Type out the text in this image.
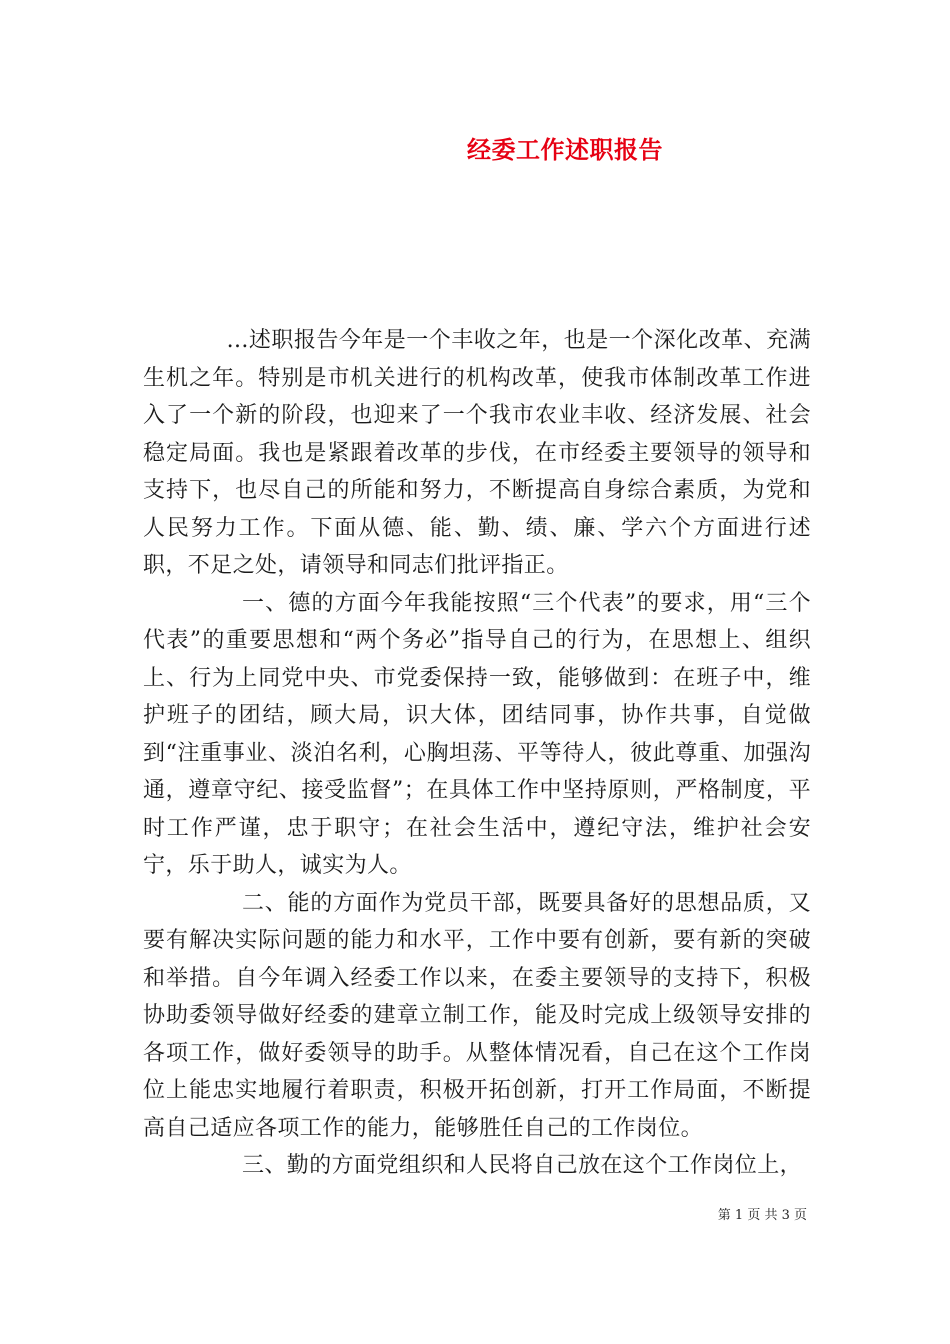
经委工作述职报告

...述职报告今年是一个丰收之年，也是一个深化改革、充满生机之年。特别是市机关进行的机构改革，使我市体制改革工作进入了一个新的阶段，也迎来了一个我市农业丰收、经济发展、社会稳定局面。我也是紧跟着改革的步伐，在市经委主要领导的领导和支持下，也尽自己的所能和努力，不断提高自身综合素质，为党和人民努力工作。下面从德、能、勤、绩、廉、学六个方面进行述职，不足之处，请领导和同志们批评指正。

一、德的方面今年我能按照“三个代表”的要求，用“三个代表”的重要思想和“两个务必”指导自己的行为，在思想上、组织上、行为上同党中央、市党委保持一致，能够做到：在班子中，维护班子的团结，顾大局，识大体，团结同事，协作共事，自觉做到“注重事业、淡泊名利，心胸坦荡、平等待人，彼此尊重、加强沟通，遵章守纪、接受监督”；在具体工作中坚持原则，严格制度，平时工作严谨，忠于职守；在社会生活中，遵纪守法，维护社会安宁，乐于助人，诚实为人。

二、能的方面作为党员干部，既要具备好的思想品质，又要有解决实际问题的能力和水平，工作中要有创新，要有新的突破和举措。自今年调入经委工作以来，在委主要领导的支持下，积极协助委领导做好经委的建章立制工作，能及时完成上级领导安排的各项工作，做好委领导的助手。从整体情况看，自己在这个工作岗位上能忠实地履行着职责，积极开拓创新，打开工作局面，不断提高自己适应各项工作的能力，能够胜任自己的工作岗位。

三、勤的方面党组织和人民将自己放在这个工作岗位上，

第 1 页 共 3 页
